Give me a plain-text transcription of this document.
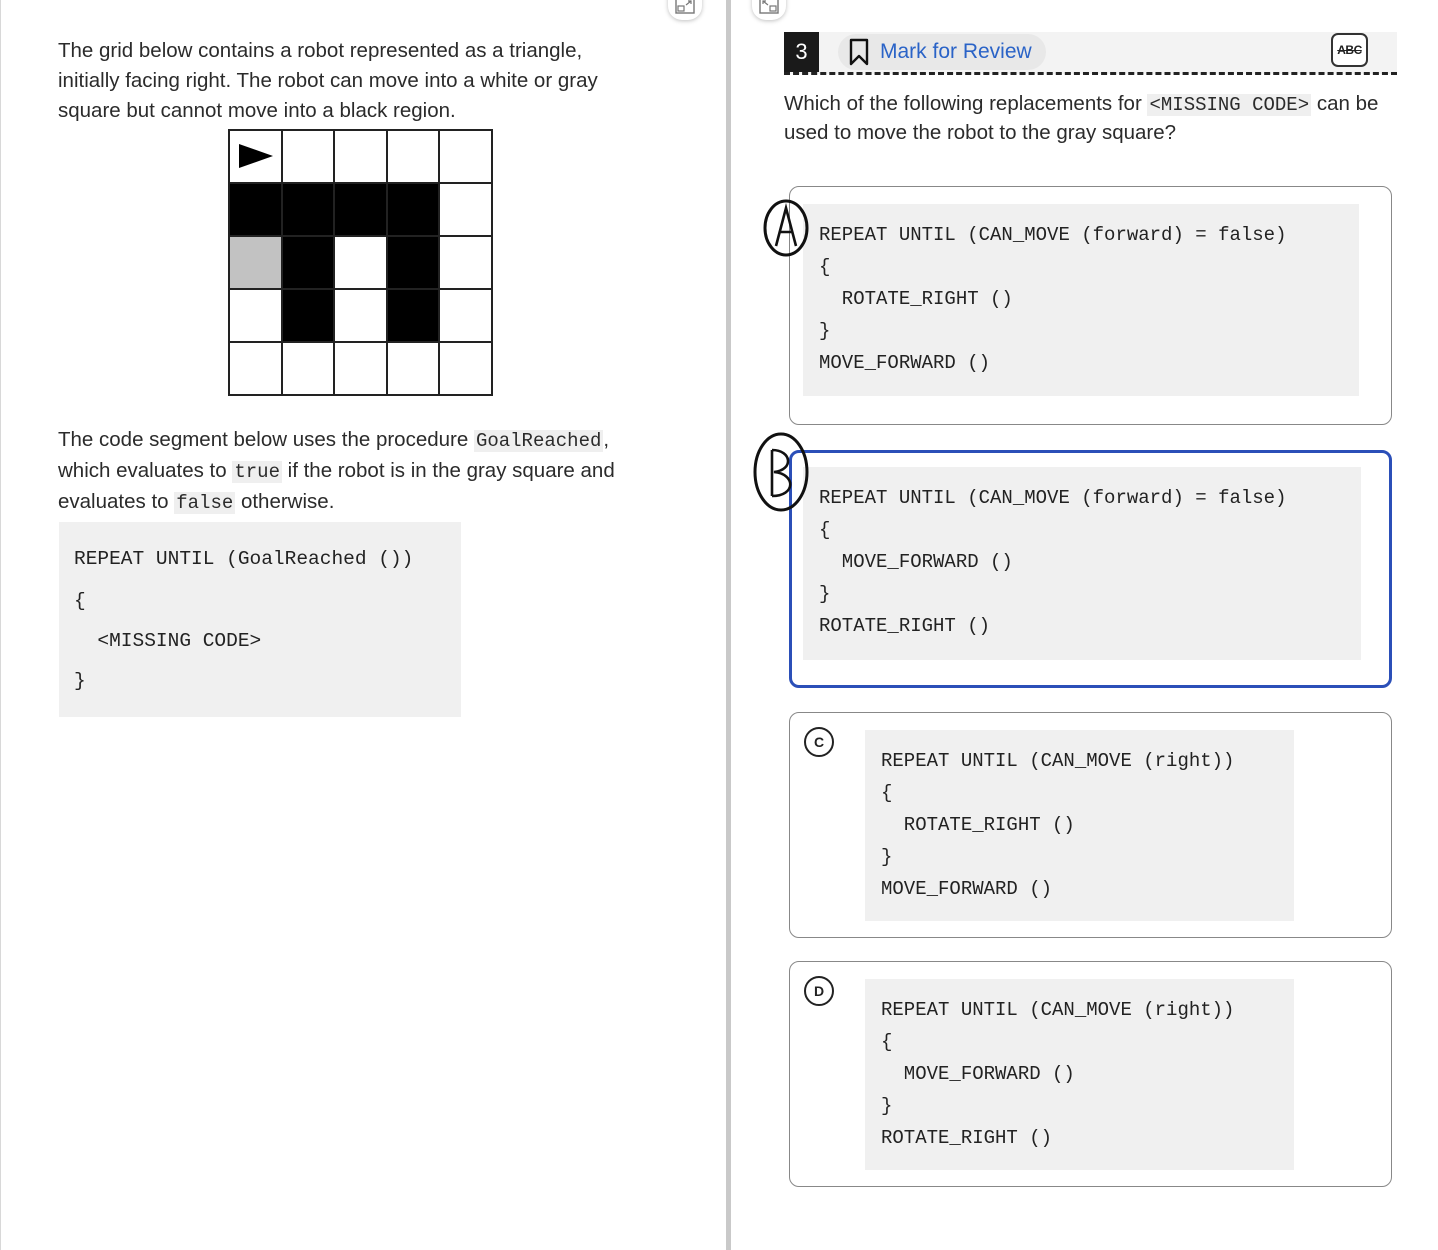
The grid below contains a robot represented as a triangle,
initially facing right. The robot can move into a white or gray
square but cannot move into a black region.
The code segment below uses the procedure GoalReached,
which evaluates to true if the robot is in the gray square and
evaluates to false otherwise.
REPEAT UNTIL (GoalReached ())
{
<MISSING CODE>
}
3	Mark for Review	ABC
Which of the following replacements for <MISSING CODE> can be used to move the robot to the gray square?
REPEAT UNTIL (CAN_MOVE (forward) = false)
{
ROTATE_RIGHT ()
}
MOVE_FORWARD ()
REPEAT UNTIL (CAN_MOVE (forward) = false)
{
MOVE_FORWARD ()
}
ROTATE_RIGHT ()
C
REPEAT UNTIL (CAN_MOVE (right))
{
ROTATE_RIGHT ()
}
MOVE_FORWARD ()
D
REPEAT UNTIL (CAN_MOVE (right))
{
MOVE_FORWARD ()
}
ROTATE_RIGHT ()
